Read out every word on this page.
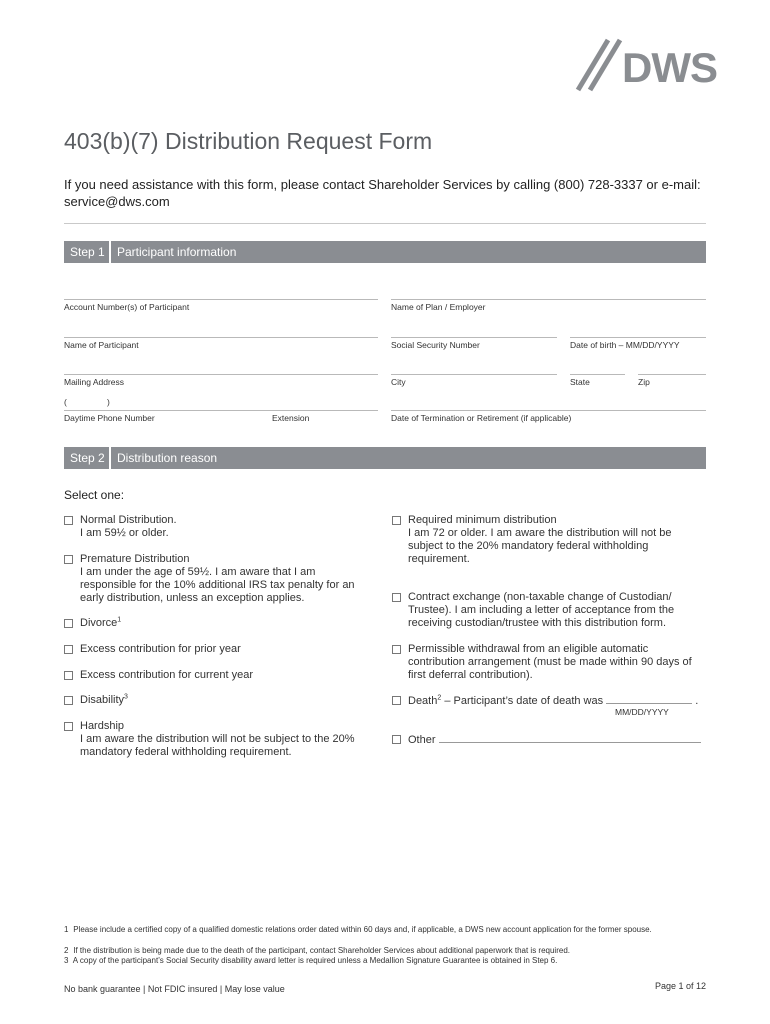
DWS
403(b)(7) Distribution Request Form
If you need assistance with this form, please contact Shareholder Services by calling (800) 728-3337 or e-mail: service@dws.com
Step 1	Participant information
Account Number(s) of Participant	Name of Plan / Employer
Name of Participant	Social Security Number	Date of birth – MM/DD/YYYY
Mailing Address	City	State	Zip
(	)
Daytime Phone Number	Extension	Date of Termination or Retirement (if applicable)
Step 2	Distribution reason
Select one:
Normal Distribution.
I am 59½ or older.
Premature Distribution
I am under the age of 59½. I am aware that I am responsible for the 10% additional IRS tax penalty for an early distribution, unless an exception applies.
Divorce$^1$
Excess contribution for prior year
Excess contribution for current year
Disability$^3$
Hardship
I am aware the distribution will not be subject to the 20% mandatory federal withholding requirement.
Required minimum distribution
I am 72 or older. I am aware the distribution will not be subject to the 20% mandatory federal withholding requirement.
Contract exchange (non-taxable change of Custodian/ Trustee). I am including a letter of acceptance from the receiving custodian/trustee with this distribution form.
Permissible withdrawal from an eligible automatic contribution arrangement (must be made within 90 days of first deferral contribution).
Death$^2$ – Participant’s date of death was	.
MM/DD/YYYY
Other
1 Please include a certified copy of a qualified domestic relations order dated within 60 days and, if applicable, a DWS new account application for the former spouse.
2 If the distribution is being made due to the death of the participant, contact Shareholder Services about additional paperwork that is required.
3 A copy of the participant’s Social Security disability award letter is required unless a Medallion Signature Guarantee is obtained in Step 6.
No bank guarantee | Not FDIC insured | May lose value	Page 1 of 12
